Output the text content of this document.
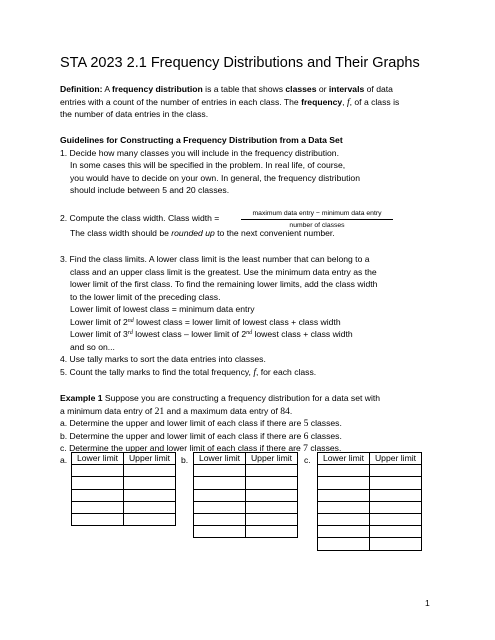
STA 2023 2.1 Frequency Distributions and Their Graphs
Definition: A frequency distribution is a table that shows classes or intervals of data
entries with a count of the number of entries in each class. The frequency, f, of a class is
the number of data entries in the class.
Guidelines for Constructing a Frequency Distribution from a Data Set
1. Decide how many classes you will include in the frequency distribution.
In some cases this will be specified in the problem. In real life, of course,
you would have to decide on your own. In general, the frequency distribution
should include between 5 and 20 classes.
2. Compute the class width. Class width =	maximum data entry − minimum data entry
number of classes
The class width should be rounded up to the next convenient number.
3. Find the class limits. A lower class limit is the least number that can belong to a
class and an upper class limit is the greatest. Use the minimum data entry as the
lower limit of the first class. To find the remaining lower limits, add the class width
to the lower limit of the preceding class.
Lower limit of lowest class = minimum data entry
Lower limit of 2nd lowest class = lower limit of lowest class + class width
Lower limit of 3rd lowest class – lower limit of 2nd lowest class + class width
and so on...
4. Use tally marks to sort the data entries into classes.
5. Count the tally marks to find the total frequency, f, for each class.
Example 1 Suppose you are constructing a frequency distribution for a data set with
a minimum data entry of 21 and a maximum data entry of 84.
a. Determine the upper and lower limit of each class if there are 5 classes.
b. Determine the upper and lower limit of each class if there are 6 classes.
c. Determine the upper and lower limit of each class if there are 7 classes.
a. Lower limit	Upper limit

	b. Lower limit	Upper limit

	c. Lower limit	Upper limit

1
